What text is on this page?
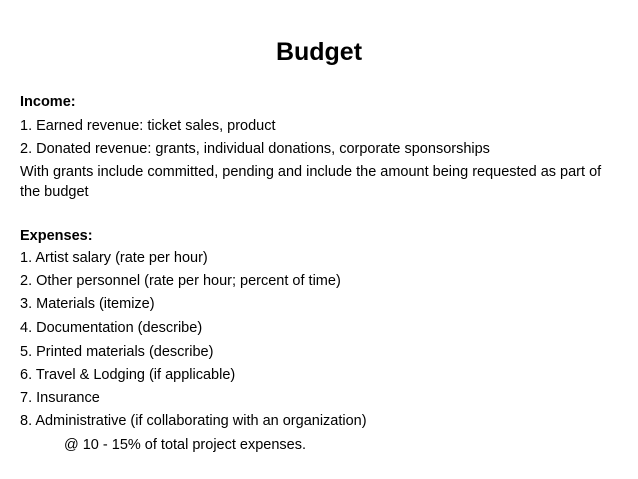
Budget
Income:
1. Earned revenue: ticket sales, product
2. Donated revenue: grants, individual donations, corporate sponsorships
With grants include committed, pending and include the amount being requested as part of the budget
Expenses:
1. Artist salary (rate per hour)
2. Other personnel (rate per hour; percent of time)
3. Materials (itemize)
4. Documentation (describe)
5. Printed materials (describe)
6. Travel & Lodging (if applicable)
7. Insurance
8. Administrative (if collaborating with an organization)
@ 10 - 15% of total project expenses.
